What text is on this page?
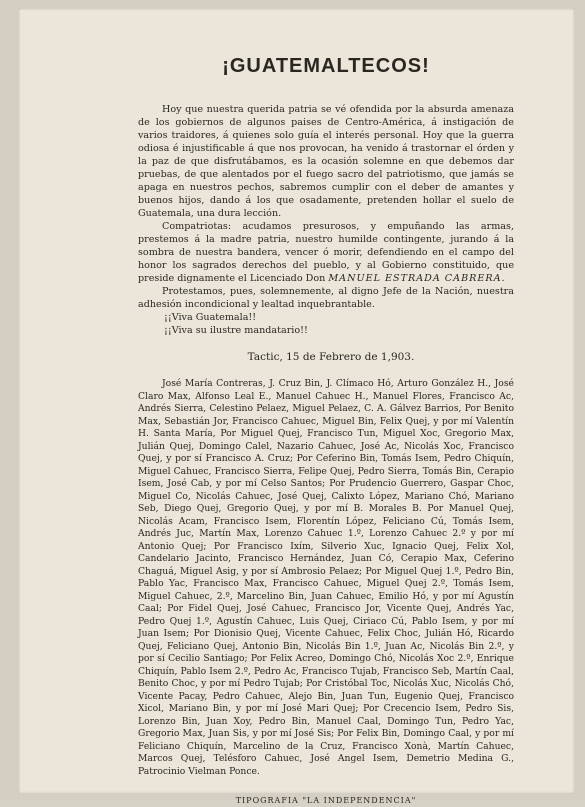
¡GUATEMALTECOS!

Hoy que nuestra querida patria se vé ofendida por la absurda amenaza de los gobiernos de algunos paises de Centro-América, á instigación de varios traidores, á quienes solo guía el interés personal. Hoy que la guerra odiosa é injustificable á que nos provocan, ha venido á trastornar el órden y la paz de que disfrutábamos, es la ocasión solemne en que debemos dar pruebas, de que alentados por el fuego sacro del patriotismo, que jamás se apaga en nuestros pechos, sabremos cumplir con el deber de amantes y buenos hijos, dando á los que osadamente, pretenden hollar el suelo de Guatemala, una dura lección.

Compatriotas: acudamos presurosos, y empuñando las armas, prestemos á la madre patria, nuestro humilde contingente, jurando á la sombra de nuestra bandera, vencer ó morir, defendiendo en el campo del honor los sagrados derechos del pueblo, y al Gobierno constituido, que preside dignamente el Licenciado Don MANUEL ESTRADA CABRERA.

Protestamos, pues, solemnemente, al digno Jefe de la Nación, nuestra adhesión incondicional y lealtad inquebrantable.

¡¡Viva Guatemala!!

¡¡Viva su ilustre mandatario!!

Tactic, 15 de Febrero de 1,903.

José María Contreras, J. Cruz Bin, J. Clímaco Hó, Arturo González H., José Claro Max, Alfonso Leal E., Manuel Cahuec H., Manuel Flores, Francisco Ac, Andrés Sierra, Celestino Pelaez, Miguel Pelaez, C. A. Gálvez Barrios, Por Benito Max, Sebastián Jor, Francisco Cahuec, Miguel Bin, Felix Quej, y por mí Valentín H. Santa María, Por Miguel Quej, Francisco Tun, Miguel Xoc, Gregorio Max, Julián Quej, Domingo Calel, Nazario Cahuec, José Ac, Nicolás Xoc, Francisco Quej, y por sí Francisco A. Cruz; Por Ceferino Bin, Tomás Isem, Pedro Chiquín, Miguel Cahuec, Francisco Sierra, Felipe Quej, Pedro Sierra, Tomás Bin, Cerapio Isem, José Cab, y por mí Celso Santos; Por Prudencio Guerrero, Gaspar Choc, Miguel Co, Nicolás Cahuec, José Quej, Calixto López, Mariano Chó, Mariano Seb, Diego Quej, Gregorio Quej, y por mí B. Morales B. Por Manuel Quej, Nicolás Acam, Francisco Isem, Florentín López, Feliciano Cú, Tomás Isem, Andrés Juc, Martín Max, Lorenzo Cahuec 1.º, Lorenzo Cahuec 2.º y por mí Antonio Quej; Por Francisco Ixím, Silverio Xuc, Ignacio Quej, Felix Xol, Candelario Jacinto, Francisco Hernández, Juan Có, Cerapio Max, Ceferino Chaguá, Miguel Asig, y por sí Ambrosio Pelaez; Por Miguel Quej 1.º, Pedro Bin, Pablo Yac, Francisco Max, Francisco Cahuec, Miguel Quej 2.º, Tomás Isem, Miguel Cahuec, 2.º, Marcelino Bin, Juan Cahuec, Emilio Hó, y por mí Agustín Caal; Por Fidel Quej, José Cahuec, Francisco Jor, Vicente Quej, Andrés Yac, Pedro Quej 1.º, Agustín Cahuec, Luis Quej, Ciriaco Cú, Pablo Isem, y por mí Juan Isem; Por Dionisio Quej, Vicente Cahuec, Felix Choc, Julián Hó, Ricardo Quej, Feliciano Quej, Antonio Bin, Nicolás Bin 1.º, Juan Ac, Nicolás Bin 2.º, y por sí Cecilio Santiago; Por Felix Acreo, Domingo Chó, Nicolás Xoc 2.º, Enrique Chiquín, Pablo Isem 2.º, Pedro Ac, Francisco Tujab, Francisco Seb, Martín Caal, Benito Choc, y por mí Pedro Tujab; Por Cristóbal Toc, Nicolás Xuc, Nicolás Chó, Vicente Pacay, Pedro Cahuec, Alejo Bin, Juan Tun, Eugenio Quej, Francisco Xicol, Mariano Bin, y por mí José Mari Quej; Por Crecencio Isem, Pedro Sis, Lorenzo Bin, Juan Xoy, Pedro Bin, Manuel Caal, Domingo Tun, Pedro Yac, Gregorio Max, Juan Sis, y por mí José Sis; Por Felix Bin, Domingo Caal, y por mí Feliciano Chiquín, Marcelino de la Cruz, Francisco Xonà, Martín Cahuec, Marcos Quej, Telésforo Cahuec, José Angel Isem, Demetrio Medina G., Patrocinio Vielman Ponce.

TIPOGRAFIA "LA INDEPENDENCIA"
